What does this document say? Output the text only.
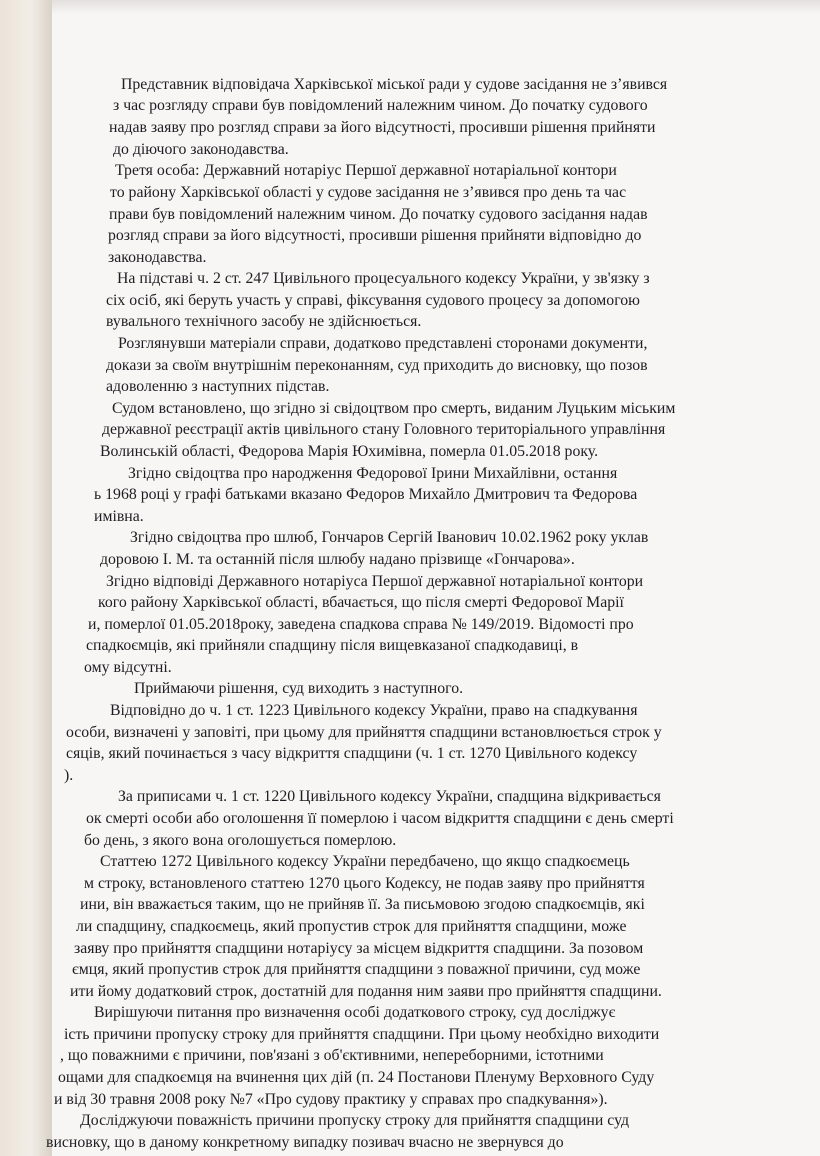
Представник відповідача Харківської міської ради у судове засідання не з’явився

з час розгляду справи був повідомлений належним чином. До початку судового

надав заяву про розгляд справи за його відсутності, просивши рішення прийняти

до діючого законодавства.

Третя особа: Державний нотаріус Першої державної нотаріальної контори

то району Харківської області у судове засідання не з’явився про день та час

прави був повідомлений належним чином. До початку судового засідання надав

розгляд справи за його відсутності, просивши рішення прийняти відповідно до

законодавства.

На підставі ч. 2 ст. 247 Цивільного процесуального кодексу України, у зв'язку з

сіх осіб, які беруть участь у справі, фіксування судового процесу за допомогою

вувального технічного засобу не здійснюється.

Розглянувши матеріали справи, додатково представлені сторонами документи,

докази за своїм внутрішнім переконанням, суд приходить до висновку, що позов

адоволенню з наступних підстав.

Судом встановлено, що згідно зі свідоцтвом про смерть, виданим Луцьким міським

державної реєстрації актів цивільного стану Головного територіального управління

Волинській області, Федорова Марія Юхимівна, померла 01.05.2018 року.

Згідно свідоцтва про народження Федорової Ірини Михайлівни, остання

ь 1968 році у графі батьками вказано Федоров Михайло Дмитрович та Федорова

имівна.

Згідно свідоцтва про шлюб, Гончаров Сергій Іванович 10.02.1962 року уклав

доровою І. М. та останній після шлюбу надано прізвище «Гончарова».

Згідно відповіді Державного нотаріуса Першої державної нотаріальної контори

кого району Харківської області, вбачається, що після смерті Федорової Марії

и, померлої 01.05.2018року, заведена спадкова справа № 149/2019. Відомості про

спадкоємців, які прийняли спадщину після вищевказаної спадкодавиці, в

ому відсутні.

Приймаючи рішення, суд виходить з наступного.

Відповідно до ч. 1 ст. 1223 Цивільного кодексу України, право на спадкування

особи, визначені у заповіті, при цьому для прийняття спадщини встановлюється строк у

сяців, який починається з часу відкриття спадщини (ч. 1 ст. 1270 Цивільного кодексу

).

За приписами ч. 1 ст. 1220 Цивільного кодексу України, спадщина відкривається

ок смерті особи або оголошення її померлою і часом відкриття спадщини є день смерті

бо день, з якого вона оголошується померлою.

Статтею 1272 Цивільного кодексу України передбачено, що якщо спадкоємець

м строку, встановленого статтею 1270 цього Кодексу, не подав заяву про прийняття

ини, він вважається таким, що не прийняв її. За письмовою згодою спадкоємців, які

ли спадщину, спадкоємець, який пропустив строк для прийняття спадщини, може

заяву про прийняття спадщини нотаріусу за місцем відкриття спадщини. За позовом

ємця, який пропустив строк для прийняття спадщини з поважної причини, суд може

ити йому додатковий строк, достатній для подання ним заяви про прийняття спадщини.

Вирішуючи питання про визначення особі додаткового строку, суд досліджує

ість причини пропуску строку для прийняття спадщини. При цьому необхідно виходити

, що поважними є причини, пов'язані з об'єктивними, непереборними, істотними

ощами для спадкоємця на вчинення цих дій (п. 24 Постанови Пленуму Верховного Суду

и від 30 травня 2008 року №7 «Про судову практику у справах про спадкування»).

Досліджуючи поважність причини пропуску строку для прийняття спадщини суд

висновку, що в даному конкретному випадку позивач вчасно не звернувся до
